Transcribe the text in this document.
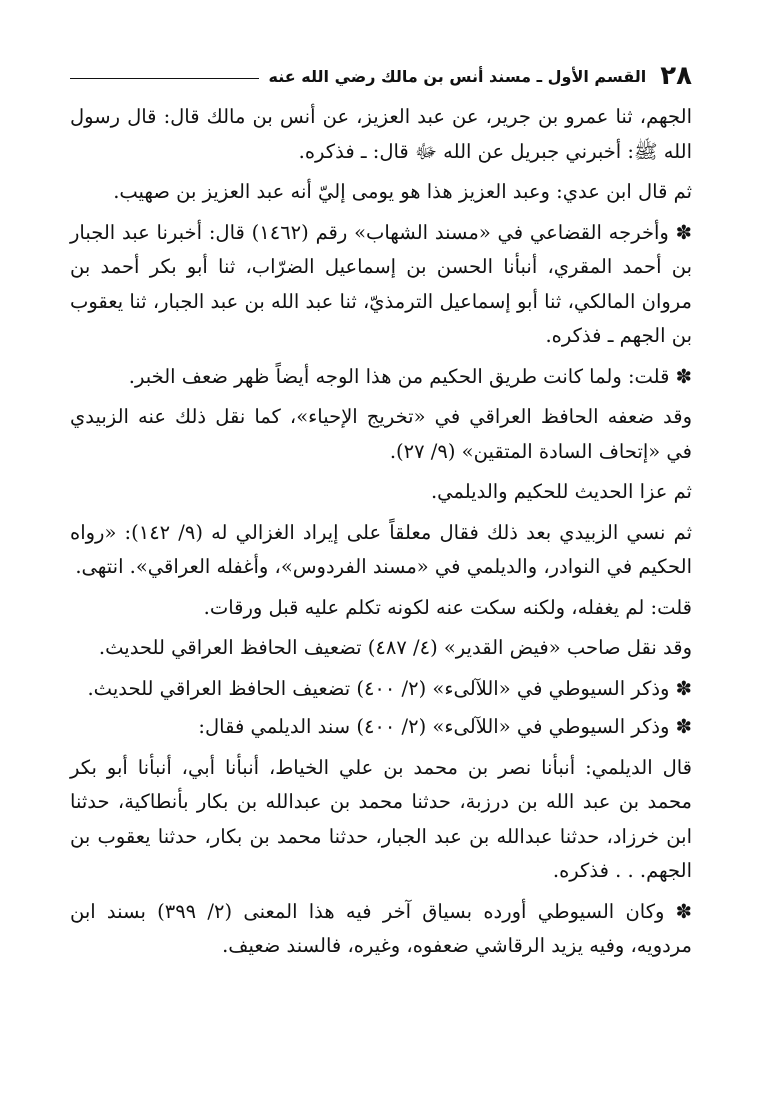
٢٨
القسم الأول ـ مسند أنس بن مالك رضي الله عنه

الجهم، ثنا عمرو بن جرير، عن عبد العزيز، عن أنس بن مالك قال: قال رسول الله ﷺ: أخبرني جبريل عن الله ﷻ قال: ـ فذكره.

ثم قال ابن عدي: وعبد العزيز هذا هو يومى إليّ أنه عبد العزيز بن صهيب.

✽ وأخرجه القضاعي في «مسند الشهاب» رقم (١٤٦٢) قال: أخبرنا عبد الجبار بن أحمد المقري، أنبأنا الحسن بن إسماعيل الضرّاب، ثنا أبو بكر أحمد بن مروان المالكي، ثنا أبو إسماعيل الترمذيّ، ثنا عبد الله بن عبد الجبار، ثنا يعقوب بن الجهم ـ فذكره.

✽ قلت: ولما كانت طريق الحكيم من هذا الوجه أيضاً ظهر ضعف الخبر.

وقد ضعفه الحافظ العراقي في «تخريج الإحياء»، كما نقل ذلك عنه الزبيدي في «إتحاف السادة المتقين» (٩/ ٢٧).

ثم عزا الحديث للحكيم والديلمي.

ثم نسي الزبيدي بعد ذلك فقال معلقاً على إيراد الغزالي له (٩/ ١٤٢): «رواه الحكيم في النوادر، والديلمي في «مسند الفردوس»، وأغفله العراقي». انتهى.

قلت: لم يغفله، ولكنه سكت عنه لكونه تكلم عليه قبل ورقات.

وقد نقل صاحب «فيض القدير» (٤/ ٤٨٧) تضعيف الحافظ العراقي للحديث.

✽ وذكر السيوطي في «اللآلىء» (٢/ ٤٠٠) تضعيف الحافظ العراقي للحديث.

✽ وذكر السيوطي في «اللآلىء» (٢/ ٤٠٠) سند الديلمي فقال:

قال الديلمي: أنبأنا نصر بن محمد بن علي الخياط، أنبأنا أبي، أنبأنا أبو بكر محمد بن عبد الله بن درزبة، حدثنا محمد بن عبدالله بن بكار بأنطاكية، حدثنا ابن خرزاد، حدثنا عبدالله بن عبد الجبار، حدثنا محمد بن بكار، حدثنا يعقوب بن الجهم. . . فذكره.

✽ وكان السيوطي أورده بسياق آخر فيه هذا المعنى (٢/ ٣٩٩) بسند ابن مردويه، وفيه يزيد الرقاشي ضعفوه، وغيره، فالسند ضعيف.
